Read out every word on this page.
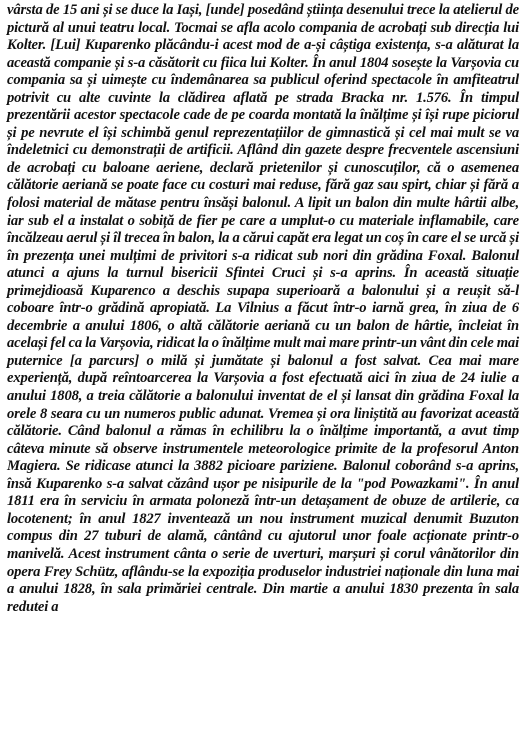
vârsta de 15 ani și se duce la Iași, [unde] posedând știința desenului trece la atelierul de pictură al unui teatru local. Tocmai se afla acolo compania de acrobați sub direcția lui Kolter. [Lui] Kuparenko plăcându-i acest mod de a-și câștiga existența, s-a alăturat la această companie și s-a căsătorit cu fiica lui Kolter. În anul 1804 sosește la Varșovia cu compania sa și uimește cu îndemânarea sa publicul oferind spectacole în amfiteatrul potrivit cu alte cuvinte la clădirea aflată pe strada Bracka nr. 1.576. În timpul prezentării acestor spectacole cade de pe coarda montată la înălțime și își rupe piciorul și pe nevrute el își schimbă genul reprezentațiilor de gimnastică și cel mai mult se va îndeletnici cu demonstrații de artificii. Aflând din gazete despre frecventele ascensiuni de acrobați cu baloane aeriene, declară prietenilor și cunoscuților, că o asemenea călătorie aeriană se poate face cu costuri mai reduse, fără gaz sau spirt, chiar și fără a folosi material de mătase pentru însăși balonul. A lipit un balon din multe hârtii albe, iar sub el a instalat o sobiță de fier pe care a umplut-o cu materiale inflamabile, care încălzeau aerul și îl trecea în balon, la a cărui capăt era legat un coș în care el se urcă și în prezența unei mulțimi de privitori s-a ridicat sub nori din grădina Foxal. Balonul atunci a ajuns la turnul bisericii Sfintei Cruci și s-a aprins. În această situație primejdioasă Kuparenco a deschis supapa superioară a balonului și a reușit să-l coboare într-o grădină apropiată. La Vilnius a făcut într-o iarnă grea, în ziua de 6 decembrie a anului 1806, o altă călătorie aeriană cu un balon de hârtie, încleiat în același fel ca la Varșovia, ridicat la o înălțime mult mai mare printr-un vânt din cele mai puternice [a parcurs] o milă și jumătate și balonul a fost salvat. Cea mai mare experiență, după reîntoarcerea la Varșovia a fost efectuată aici în ziua de 24 iulie a anului 1808, a treia călătorie a balonului inventat de el și lansat din grădina Foxal la orele 8 seara cu un numeros public adunat. Vremea și ora liniștită au favorizat această călătorie. Când balonul a rămas în echilibru la o înălțime importantă, a avut timp câteva minute să observe instrumentele meteorologice primite de la profesorul Anton Magiera. Se ridicase atunci la 3882 picioare pariziene. Balonul coborând s-a aprins, însă Kuparenko s-a salvat căzând ușor pe nisipurile de la "pod Powazkami". În anul 1811 era în serviciu în armata poloneză într-un detașament de obuze de artilerie, ca locotenent; în anul 1827 inventează un nou instrument muzical denumit Buzuton compus din 27 tuburi de alamă, cântând cu ajutorul unor foale acționate printr-o manivelă. Acest instrument cânta o serie de uverturi, marșuri și corul vânătorilor din opera Frey Schütz, aflându-se la expoziția produselor industriei naționale din luna mai a anului 1828, în sala primăriei centrale. Din martie a anului 1830 prezenta în sala redutei a
